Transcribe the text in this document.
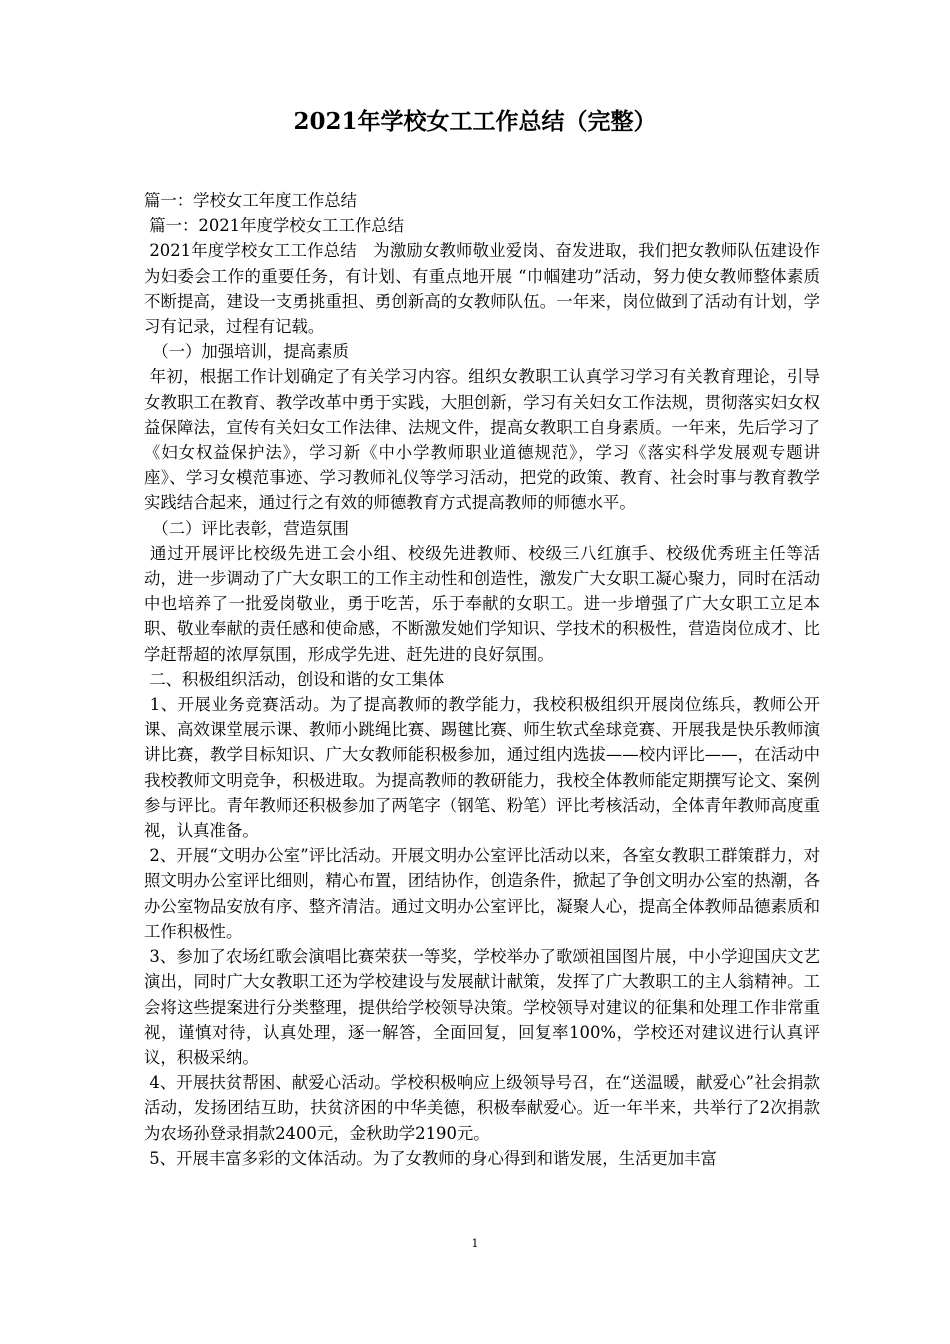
2021年学校女工工作总结（完整）

篇一：学校女工年度工作总结

篇一：2021年度学校女工工作总结

2021年度学校女工工作总结　为激励女教师敬业爱岗、奋发进取，我们把女教师队伍建设作为妇委会工作的重要任务，有计划、有重点地开展 “巾帼建功”活动，努力使女教师整体素质不断提高，建设一支勇挑重担、勇创新高的女教师队伍。一年来，岗位做到了活动有计划，学习有记录，过程有记载。

　（一）加强培训，提高素质

年初，根据工作计划确定了有关学习内容。组织女教职工认真学习学习有关教育理论，引导女教职工在教育、教学改革中勇于实践，大胆创新，学习有关妇女工作法规，贯彻落实妇女权益保障法，宣传有关妇女工作法律、法规文件，提高女教职工自身素质。一年来，先后学习了《妇女权益保护法》，学习新《中小学教师职业道德规范》，学习《落实科学发展观专题讲座》、学习女模范事迹、学习教师礼仪等学习活动，把党的政策、教育、社会时事与教育教学实践结合起来，通过行之有效的师德教育方式提高教师的师德水平。

　（二）评比表彰，营造氛围

通过开展评比校级先进工会小组、校级先进教师、校级三八红旗手、校级优秀班主任等活动，进一步调动了广大女职工的工作主动性和创造性，激发广大女职工凝心聚力，同时在活动中也培养了一批爱岗敬业，勇于吃苦，乐于奉献的女职工。进一步增强了广大女职工立足本职、敬业奉献的责任感和使命感，不断激发她们学知识、学技术的积极性，营造岗位成才、比学赶帮超的浓厚氛围，形成学先进、赶先进的良好氛围。

二、积极组织活动，创设和谐的女工集体

1、开展业务竞赛活动。为了提高教师的教学能力，我校积极组织开展岗位练兵，教师公开课、高效课堂展示课、教师小跳绳比赛、踢毽比赛、师生软式垒球竞赛、开展我是快乐教师演讲比赛，教学目标知识、广大女教师能积极参加，通过组内选拔——校内评比——，在活动中我校教师文明竞争，积极进取。为提高教师的教研能力，我校全体教师能定期撰写论文、案例参与评比。青年教师还积极参加了两笔字（钢笔、粉笔）评比考核活动，全体青年教师高度重视，认真准备。

2、开展“文明办公室”评比活动。开展文明办公室评比活动以来，各室女教职工群策群力，对照文明办公室评比细则，精心布置，团结协作，创造条件，掀起了争创文明办公室的热潮，各办公室物品安放有序、整齐清洁。通过文明办公室评比，凝聚人心，提高全体教师品德素质和工作积极性。

3、参加了农场红歌会演唱比赛荣获一等奖，学校举办了歌颂祖国图片展，中小学迎国庆文艺演出，同时广大女教职工还为学校建设与发展献计献策，发挥了广大教职工的主人翁精神。工会将这些提案进行分类整理，提供给学校领导决策。学校领导对建议的征集和处理工作非常重视，谨慎对待，认真处理，逐一解答，全面回复，回复率100%，学校还对建议进行认真评议，积极采纳。

4、开展扶贫帮困、献爱心活动。学校积极响应上级领导号召，在“送温暖，献爱心”社会捐款活动，发扬团结互助，扶贫济困的中华美德，积极奉献爱心。近一年半来，共举行了2次捐款为农场孙登录捐款2400元，金秋助学2190元。

5、开展丰富多彩的文体活动。为了女教师的身心得到和谐发展，生活更加丰富

1
